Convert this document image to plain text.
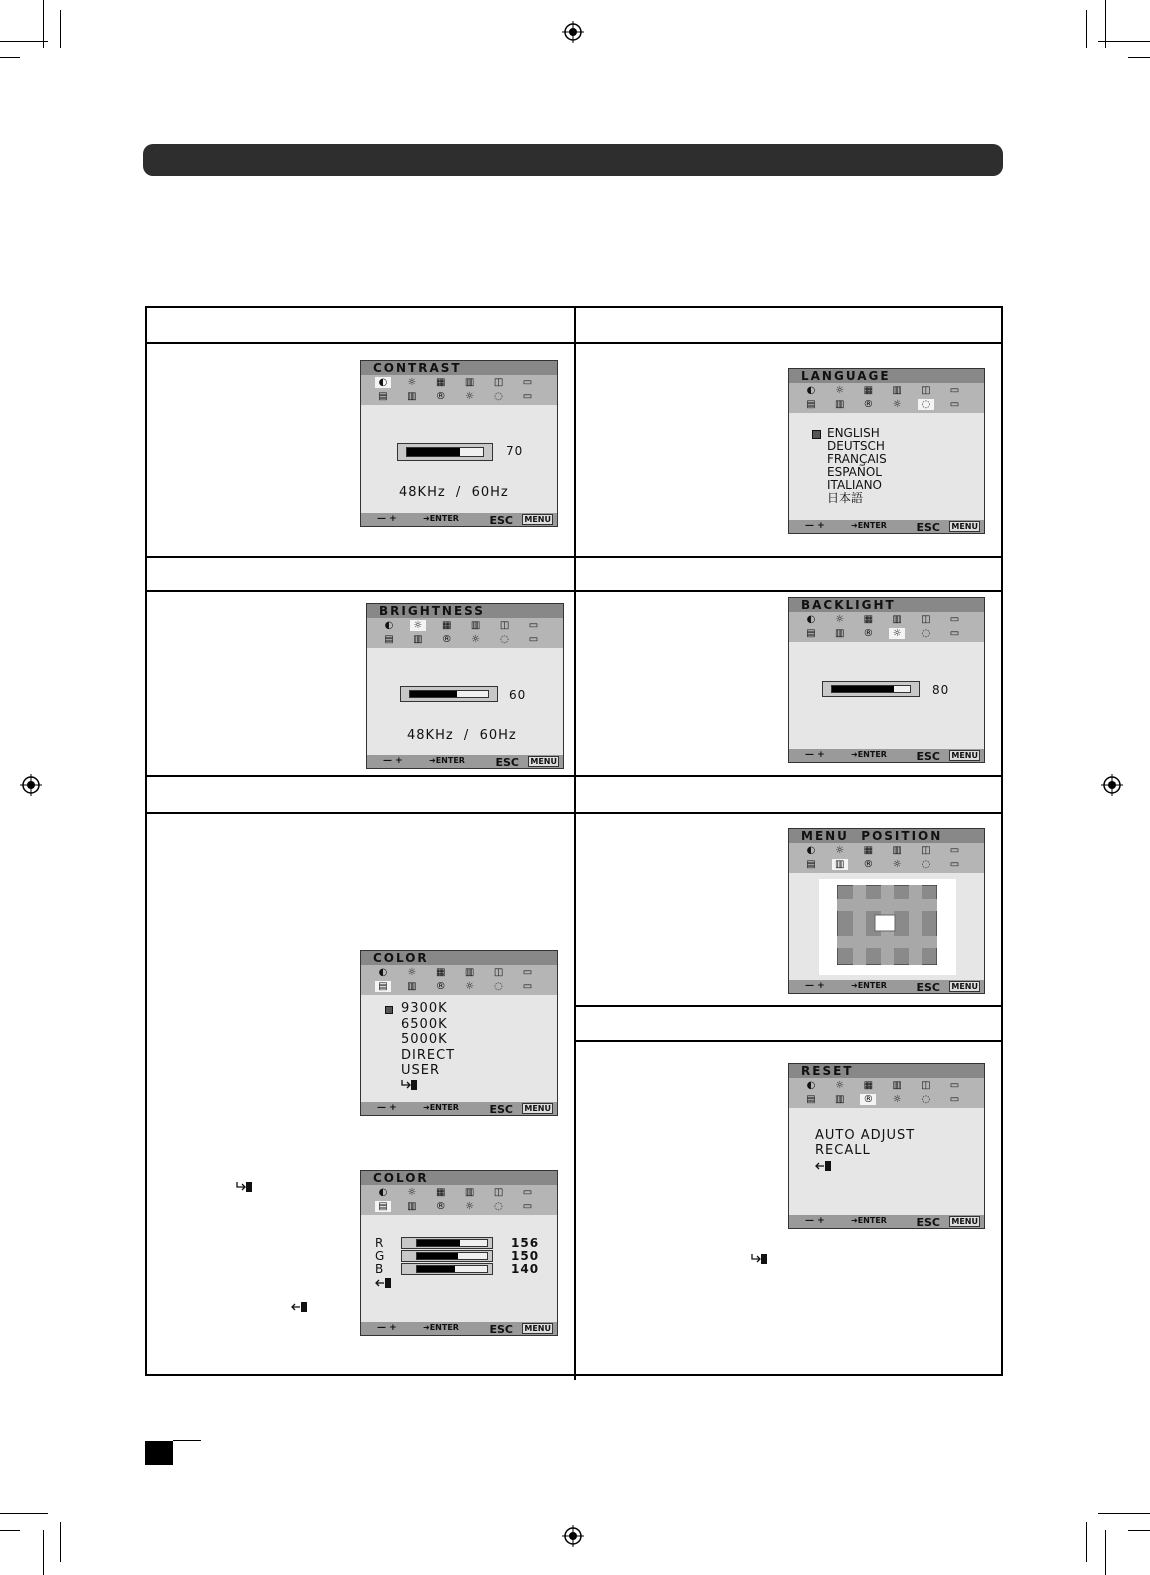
CONTRAST
◐	☼	▦	▥	◫	▭
▤	▥	®	☼	◌	▭
70
48KHz  /  60Hz
— +	➜ENTER	ESC MENU
LANGUAGE
◐	☼	▦	▥	◫	▭
▤	▥	®	☼	◌	▭
ENGLISH
DEUTSCH
FRANÇAIS
ESPAÑOL
ITALIANO
日本語
— +	➜ENTER	ESC MENU
BRIGHTNESS
◐	☼	▦	▥	◫	▭
▤	▥	®	☼	◌	▭
60
48KHz  /  60Hz
— +	➜ENTER	ESC MENU
BACKLIGHT
◐	☼	▦	▥	◫	▭
▤	▥	®	☼	◌	▭
80
— +	➜ENTER	ESC MENU
MENU  POSITION
◐	☼	▦	▥	◫	▭
▤	▥	®	☼	◌	▭
— +	➜ENTER	ESC MENU
COLOR
◐	☼	▦	▥	◫	▭
▤	▥	®	☼	◌	▭
9300K
6500K
5000K
DIRECT
USER
— +	➜ENTER	ESC MENU
COLOR
◐	☼	▦	▥	◫	▭
▤	▥	®	☼	◌	▭
R	156
G	150
B	140
— +	➜ENTER	ESC MENU
RESET
◐	☼	▦	▥	◫	▭
▤	▥	®	☼	◌	▭
AUTO ADJUST
RECALL
— +	➜ENTER	ESC MENU
